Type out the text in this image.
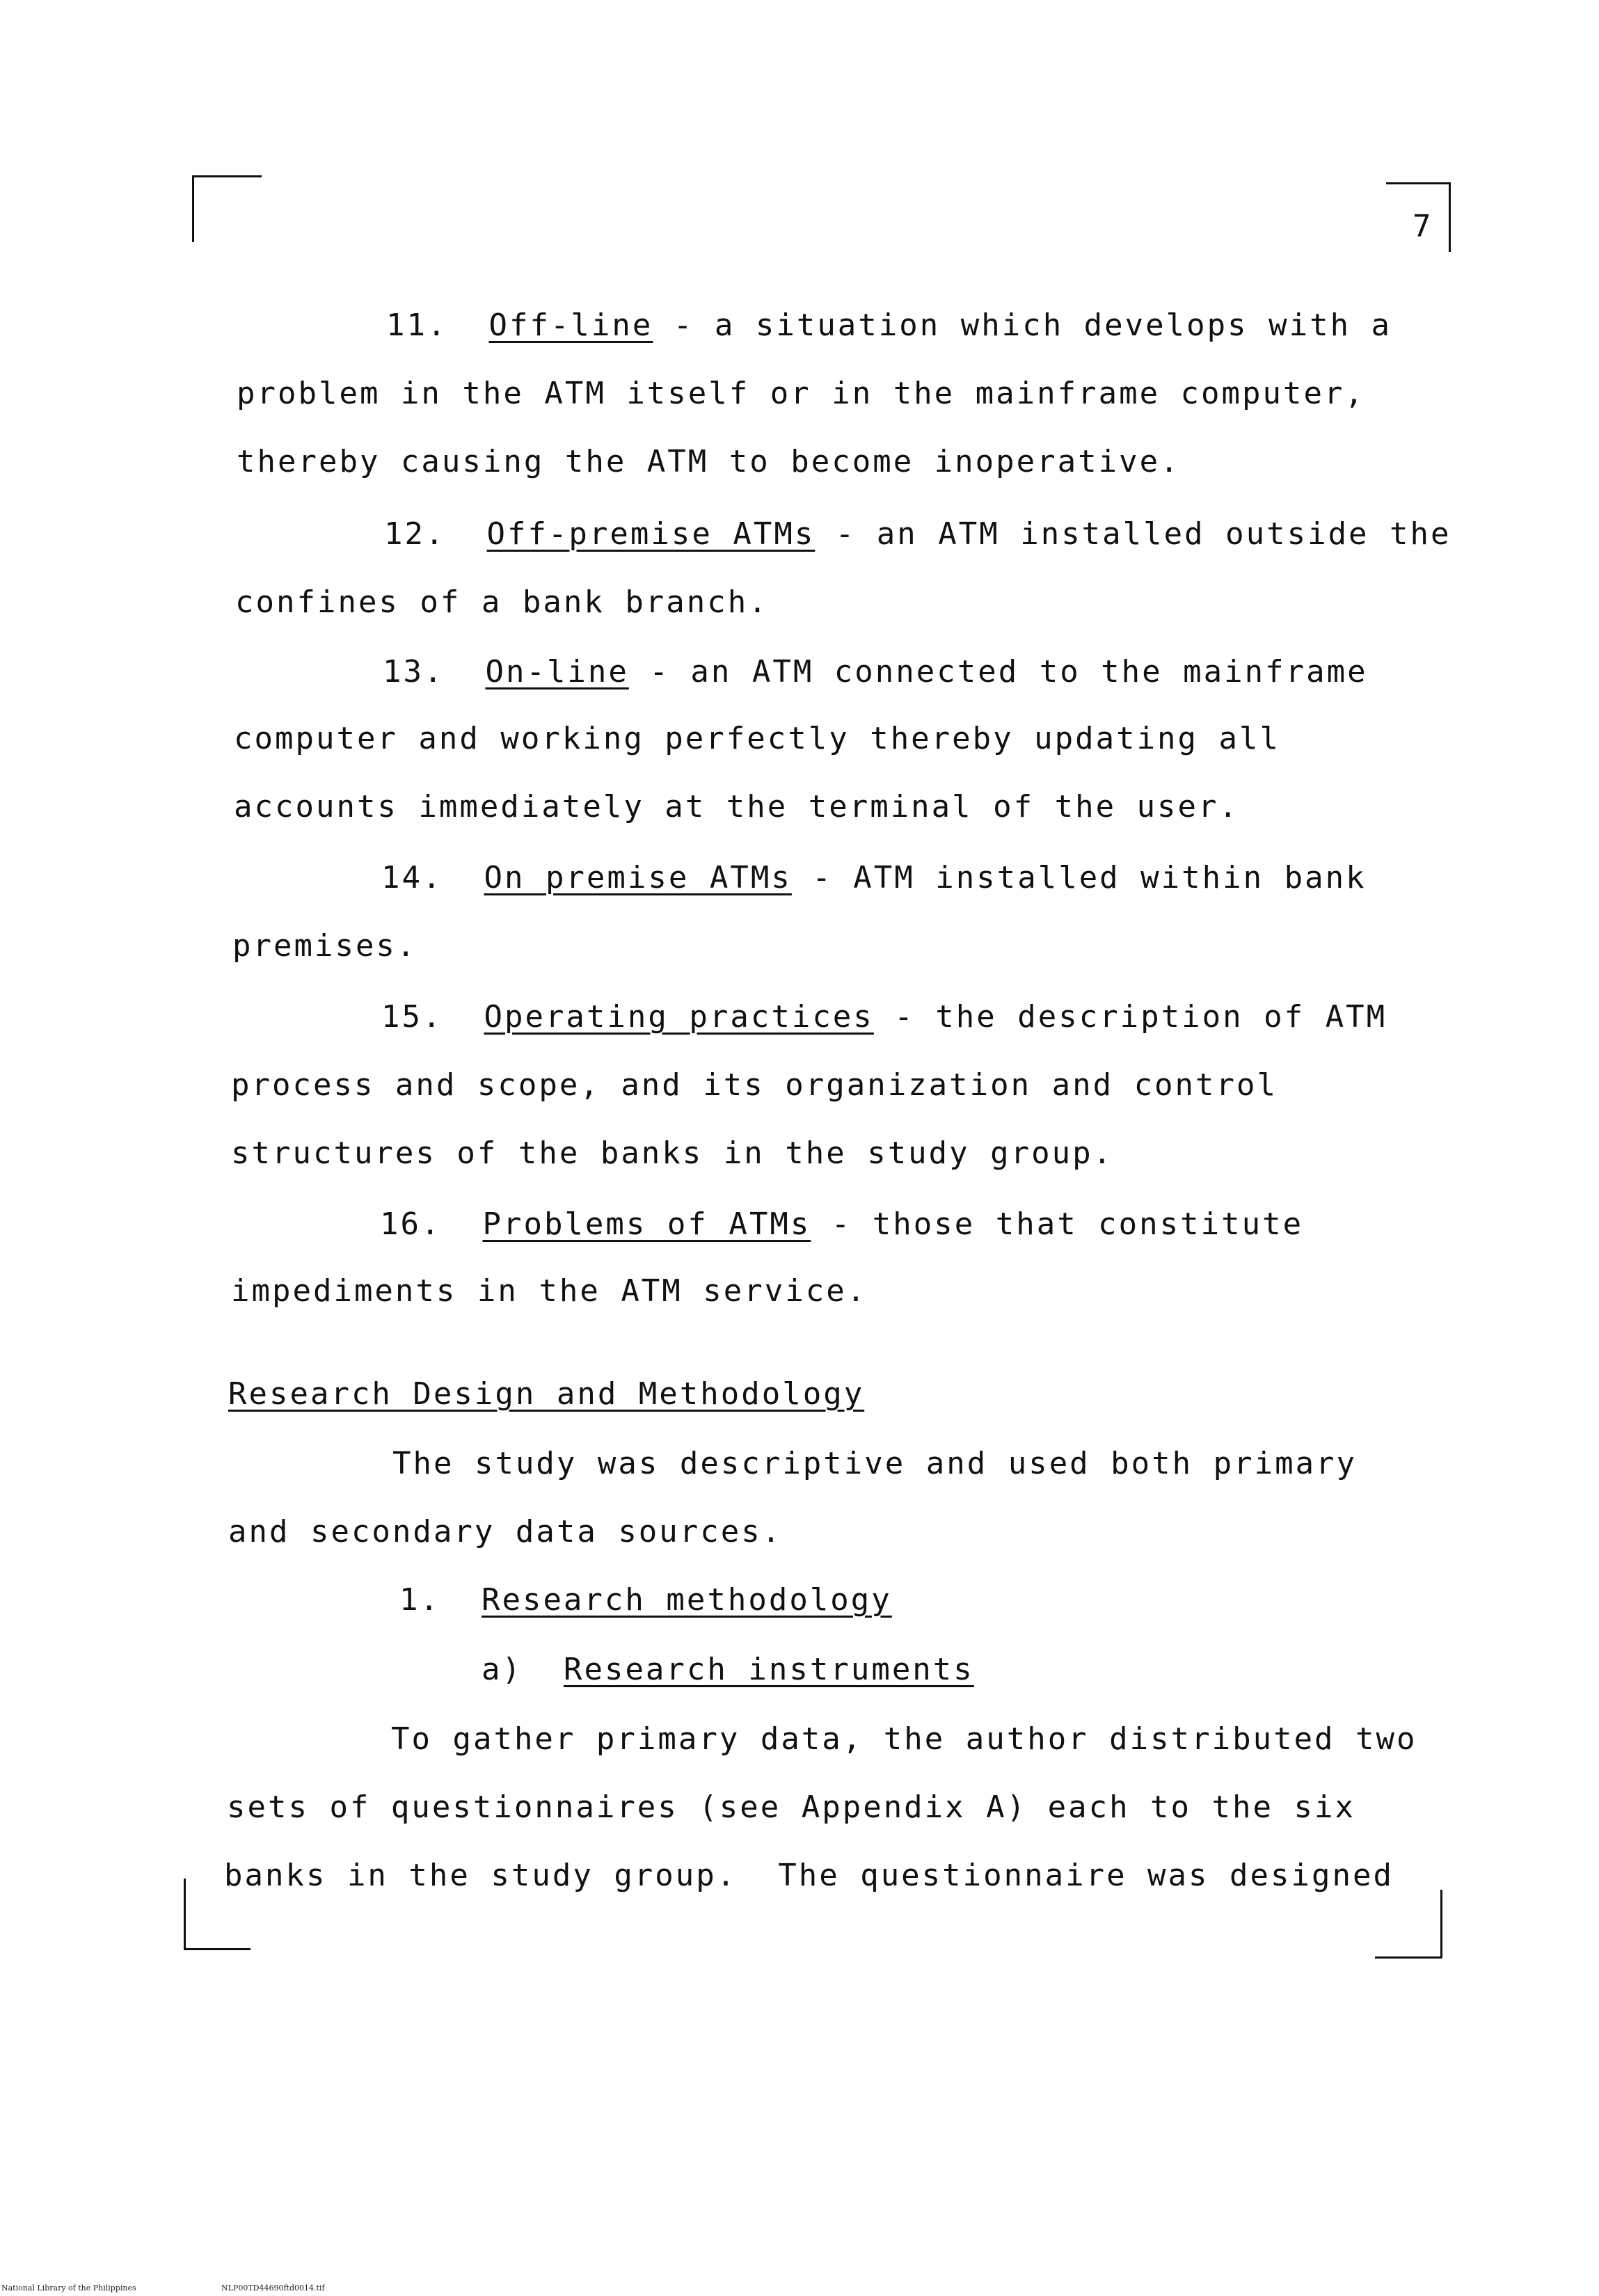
7
11. Off-line - a situation which develops with a
problem in the ATM itself or in the mainframe computer,
thereby causing the ATM to become inoperative.
12. Off-premise ATMs - an ATM installed outside the
confines of a bank branch.
13. On-line - an ATM connected to the mainframe
computer and working perfectly thereby updating all
accounts immediately at the terminal of the user.
14. On premise ATMs - ATM installed within bank
premises.
15. Operating practices - the description of ATM
process and scope, and its organization and control
structures of the banks in the study group.
16. Problems of ATMs - those that constitute
impediments in the ATM service.
Research Design and Methodology
The study was descriptive and used both primary
and secondary data sources.
1. Research methodology
a) Research instruments
To gather primary data, the author distributed two
sets of questionnaires (see Appendix A) each to the six
banks in the study group.  The questionnaire was designed
National Library of the Philippines	NLP00TD44690ftd0014.tif
